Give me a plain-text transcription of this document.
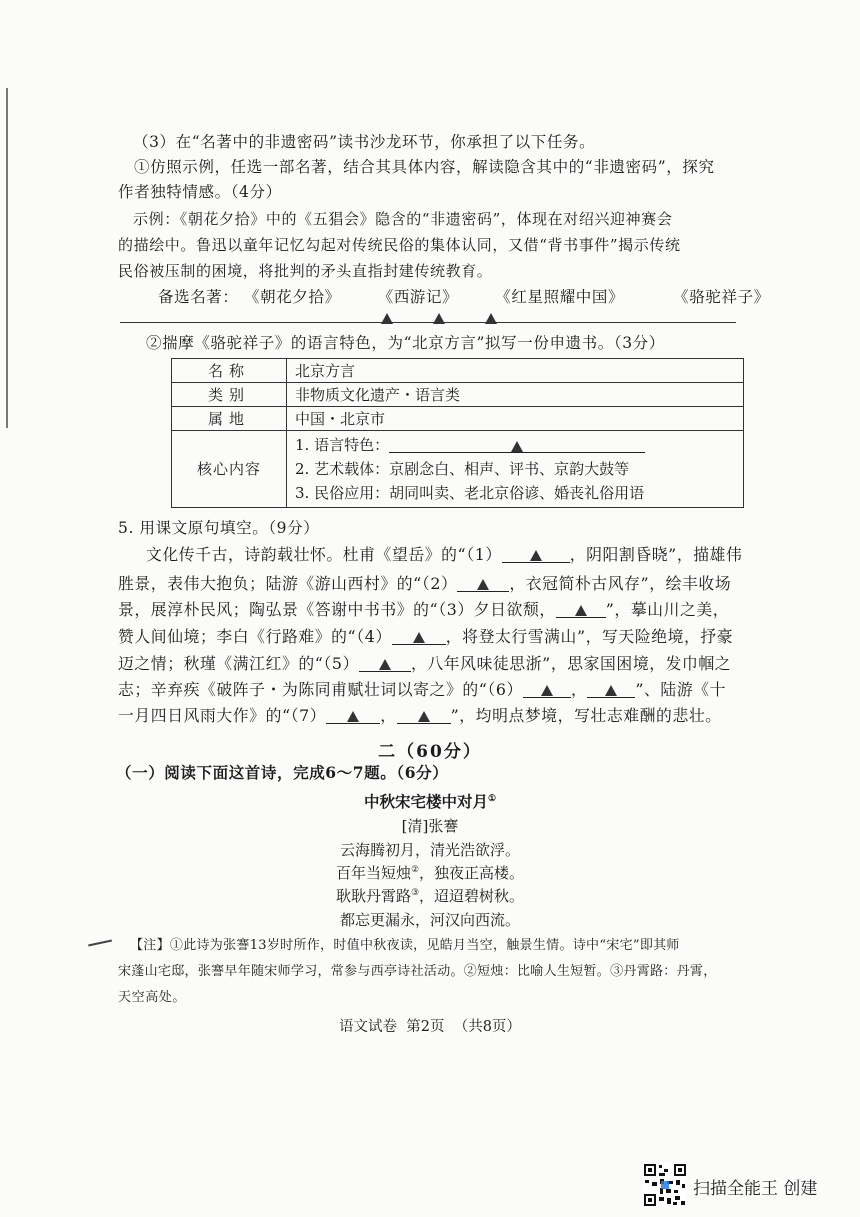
（3）在“名著中的非遗密码”读书沙龙环节，你承担了以下任务。
①仿照示例，任选一部名著，结合其具体内容，解读隐含其中的“非遗密码”，探究
作者独特情感。（4分）
示例：《朝花夕拾》中的《五猖会》隐含的“非遗密码”，体现在对绍兴迎神赛会
的描绘中。鲁迅以童年记忆勾起对传统民俗的集体认同，又借“背书事件”揭示传统
民俗被压制的困境，将批判的矛头直指封建传统教育。
备选名著： 《朝花夕拾》 《西游记》 《红星照耀中国》	《骆驼祥子》

②揣摩《骆驼祥子》的语言特色，为“北京方言”拟写一份申遗书。（3分）
名称	北京方言
类别	非物质文化遗产・语言类
属地	中国・北京市
核心内容	1. 语言特色：
2. 艺术载体：京剧念白、相声、评书、京韵大鼓等
3. 民俗应用：胡同叫卖、老北京俗谚、婚丧礼俗用语
5. 用课文原句填空。（9分）
文化传千古，诗韵载壮怀。杜甫《望岳》的“（1）	，阴阳割昏晓”，描雄伟
胜景，表伟大抱负；陆游《游山西村》的“（2）	，衣冠简朴古风存”，绘丰收场
景，展淳朴民风；陶弘景《答谢中书书》的“（3）夕日欲颓，	”，摹山川之美，
赞人间仙境；李白《行路难》的“（4）	，将登太行雪满山”，写天险绝境，抒豪
迈之情；秋瑾《满江红》的“（5）	，八年风味徒思浙”，思家国困境，发巾帼之
志；辛弃疾《破阵子・为陈同甫赋壮词以寄之》的“（6）	，	”、陆游《十
一月四日风雨大作》的“（7）	，	”，均明点梦境，写壮志难酬的悲壮。
二（60分）
（一）阅读下面这首诗，完成6～7题。（6分）
中秋宋宅楼中对月①
[清]张謇
云海腾初月，清光浩欲浮。
百年当短烛②，独夜正高楼。
耿耿丹霄路③，迢迢碧树秋。
都忘更漏永，河汉向西流。
【注】①此诗为张謇13岁时所作，时值中秋夜读，见皓月当空，触景生情。诗中“宋宅”即其师
宋蓬山宅邸，张謇早年随宋师学习，常参与西亭诗社活动。②短烛：比喻人生短暂。③丹霄路：丹霄，
天空高处。
语文试卷  第2页  （共8页）
扫描全能王 创建
